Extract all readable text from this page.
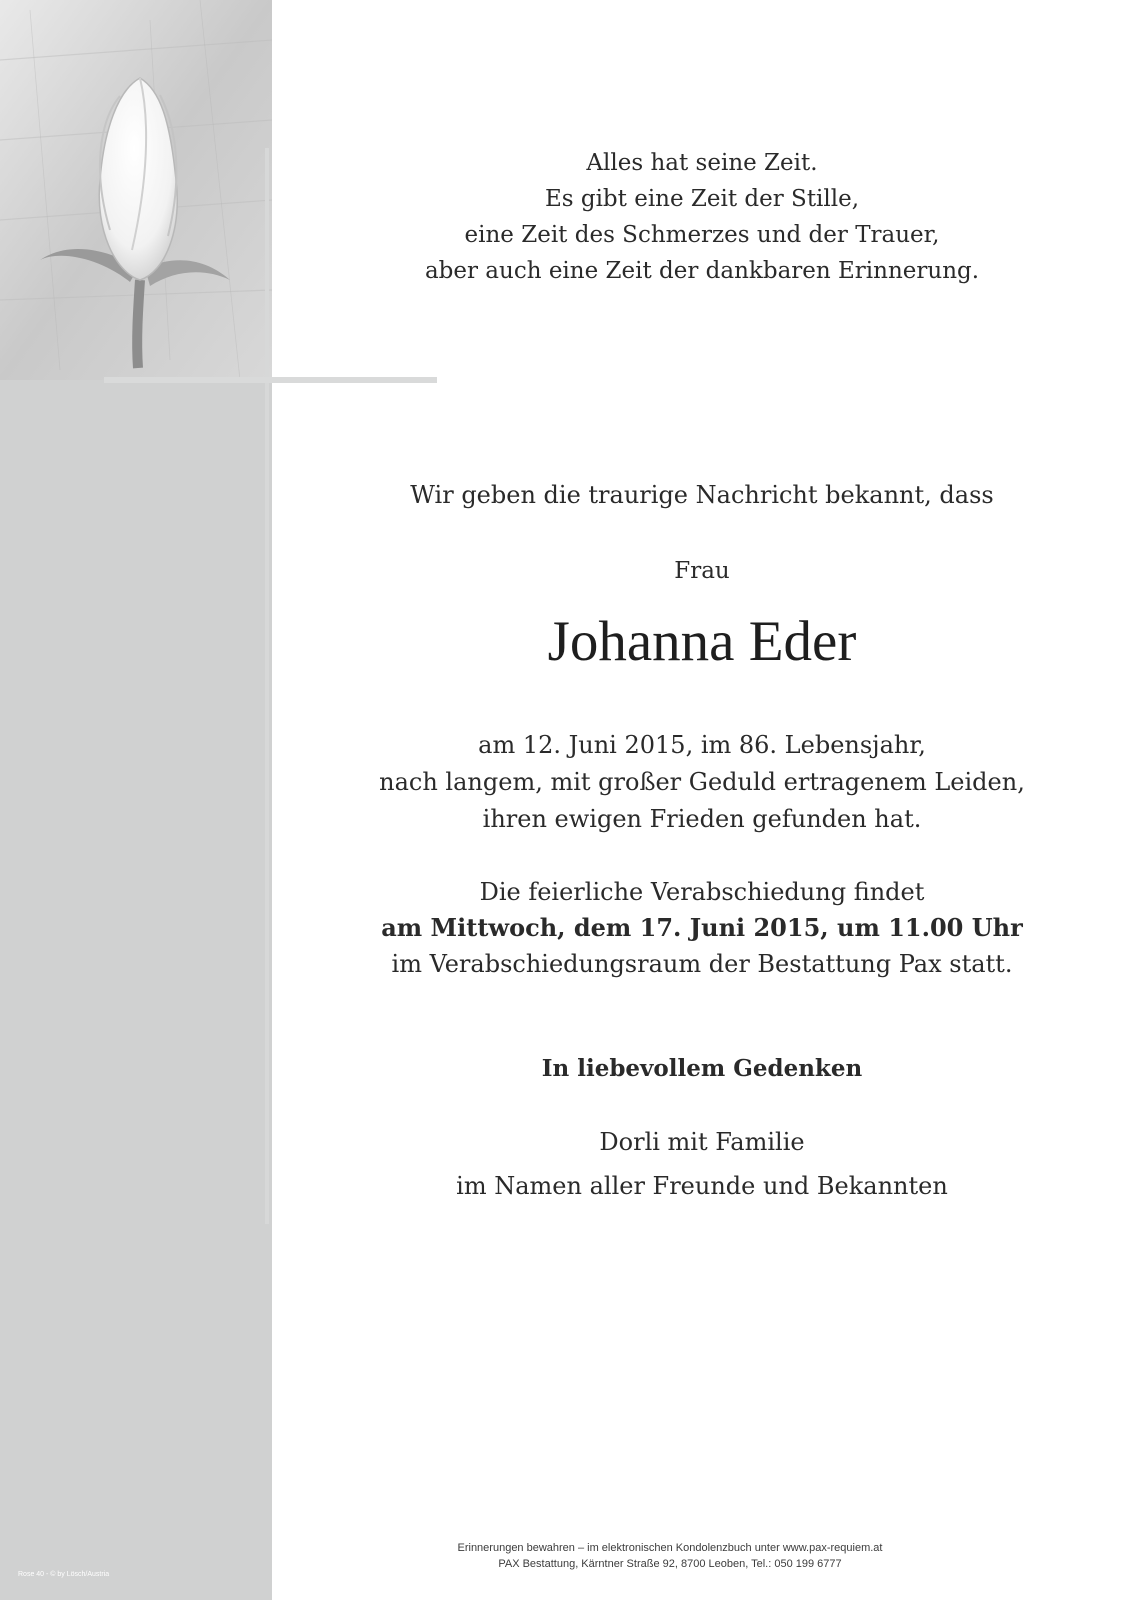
Rose 40 - © by Lösch/Austria

Alles hat seine Zeit.

Es gibt eine Zeit der Stille,

eine Zeit des Schmerzes und der Trauer,

aber auch eine Zeit der dankbaren Erinnerung.

Wir geben die traurige Nachricht bekannt, dass
Frau
Johanna Eder

am 12. Juni 2015, im 86. Lebensjahr,

nach langem, mit großer Geduld ertragenem Leiden,

ihren ewigen Frieden gefunden hat.

Die feierliche Verabschiedung findet

am Mittwoch, dem 17. Juni 2015, um 11.00 Uhr

im Verabschiedungsraum der Bestattung Pax statt.

In liebevollem Gedenken

Dorli mit Familie

im Namen aller Freunde und Bekannten

Erinnerungen bewahren – im elektronischen Kondolenzbuch unter www.pax-requiem.at

PAX Bestattung, Kärntner Straße 92, 8700 Leoben, Tel.: 050 199 6777
